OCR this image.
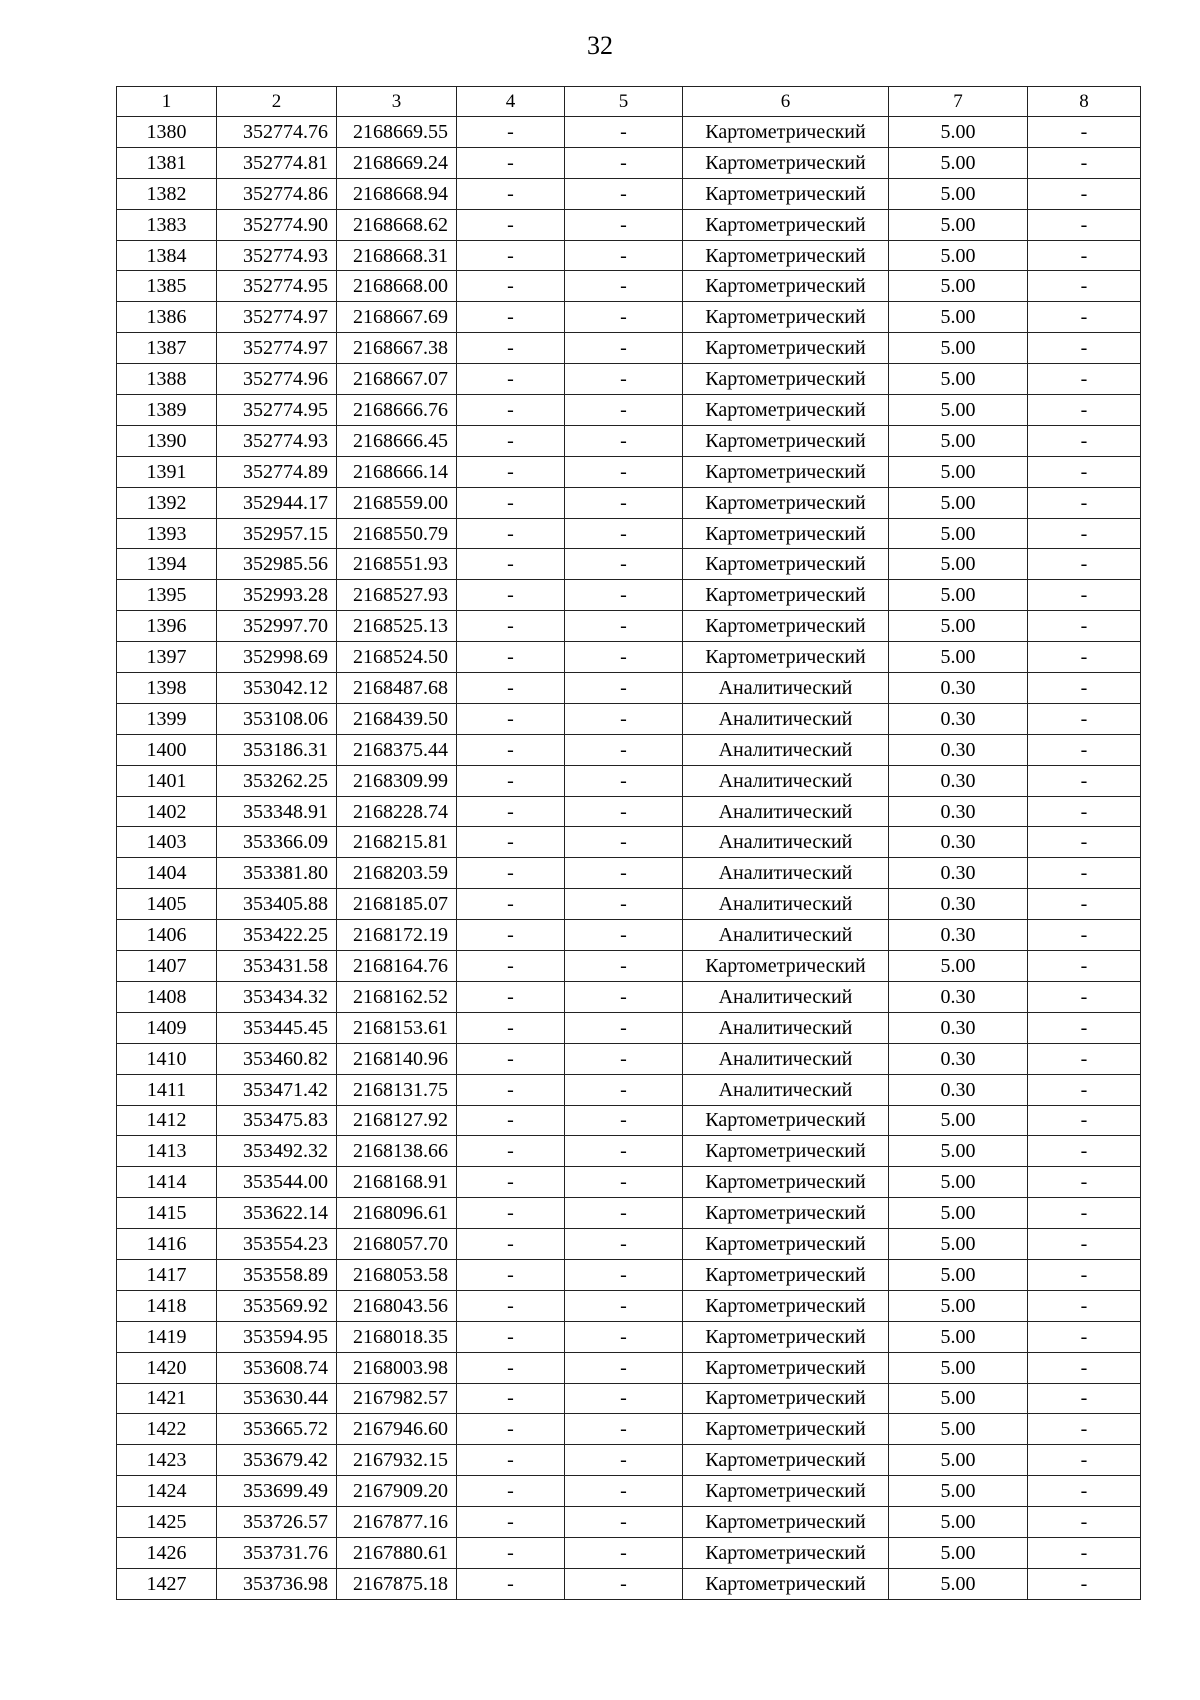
32
1	2	3	4	5	6	7	8
1380	352774.76	2168669.55	-	-	Картометрический	5.00	-
1381	352774.81	2168669.24	-	-	Картометрический	5.00	-
1382	352774.86	2168668.94	-	-	Картометрический	5.00	-
1383	352774.90	2168668.62	-	-	Картометрический	5.00	-
1384	352774.93	2168668.31	-	-	Картометрический	5.00	-
1385	352774.95	2168668.00	-	-	Картометрический	5.00	-
1386	352774.97	2168667.69	-	-	Картометрический	5.00	-
1387	352774.97	2168667.38	-	-	Картометрический	5.00	-
1388	352774.96	2168667.07	-	-	Картометрический	5.00	-
1389	352774.95	2168666.76	-	-	Картометрический	5.00	-
1390	352774.93	2168666.45	-	-	Картометрический	5.00	-
1391	352774.89	2168666.14	-	-	Картометрический	5.00	-
1392	352944.17	2168559.00	-	-	Картометрический	5.00	-
1393	352957.15	2168550.79	-	-	Картометрический	5.00	-
1394	352985.56	2168551.93	-	-	Картометрический	5.00	-
1395	352993.28	2168527.93	-	-	Картометрический	5.00	-
1396	352997.70	2168525.13	-	-	Картометрический	5.00	-
1397	352998.69	2168524.50	-	-	Картометрический	5.00	-
1398	353042.12	2168487.68	-	-	Аналитический	0.30	-
1399	353108.06	2168439.50	-	-	Аналитический	0.30	-
1400	353186.31	2168375.44	-	-	Аналитический	0.30	-
1401	353262.25	2168309.99	-	-	Аналитический	0.30	-
1402	353348.91	2168228.74	-	-	Аналитический	0.30	-
1403	353366.09	2168215.81	-	-	Аналитический	0.30	-
1404	353381.80	2168203.59	-	-	Аналитический	0.30	-
1405	353405.88	2168185.07	-	-	Аналитический	0.30	-
1406	353422.25	2168172.19	-	-	Аналитический	0.30	-
1407	353431.58	2168164.76	-	-	Картометрический	5.00	-
1408	353434.32	2168162.52	-	-	Аналитический	0.30	-
1409	353445.45	2168153.61	-	-	Аналитический	0.30	-
1410	353460.82	2168140.96	-	-	Аналитический	0.30	-
1411	353471.42	2168131.75	-	-	Аналитический	0.30	-
1412	353475.83	2168127.92	-	-	Картометрический	5.00	-
1413	353492.32	2168138.66	-	-	Картометрический	5.00	-
1414	353544.00	2168168.91	-	-	Картометрический	5.00	-
1415	353622.14	2168096.61	-	-	Картометрический	5.00	-
1416	353554.23	2168057.70	-	-	Картометрический	5.00	-
1417	353558.89	2168053.58	-	-	Картометрический	5.00	-
1418	353569.92	2168043.56	-	-	Картометрический	5.00	-
1419	353594.95	2168018.35	-	-	Картометрический	5.00	-
1420	353608.74	2168003.98	-	-	Картометрический	5.00	-
1421	353630.44	2167982.57	-	-	Картометрический	5.00	-
1422	353665.72	2167946.60	-	-	Картометрический	5.00	-
1423	353679.42	2167932.15	-	-	Картометрический	5.00	-
1424	353699.49	2167909.20	-	-	Картометрический	5.00	-
1425	353726.57	2167877.16	-	-	Картометрический	5.00	-
1426	353731.76	2167880.61	-	-	Картометрический	5.00	-
1427	353736.98	2167875.18	-	-	Картометрический	5.00	-
